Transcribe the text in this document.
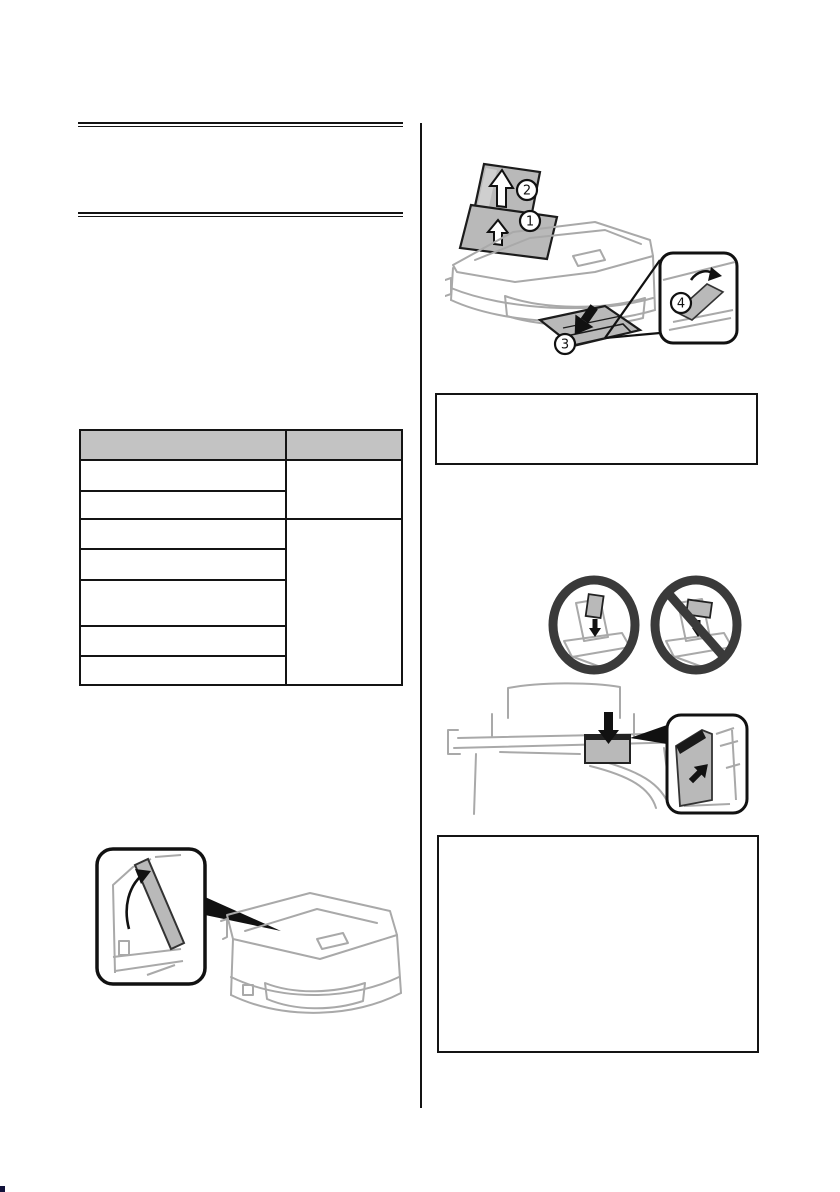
2
1
3
4
